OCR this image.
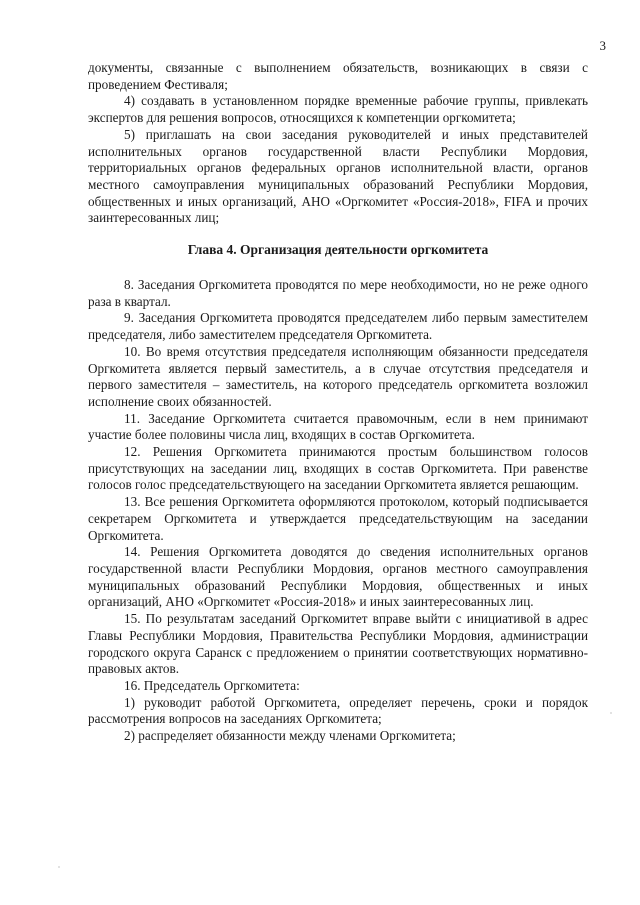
3

документы, связанные с выполнением обязательств, возникающих в связи с проведением Фестиваля;

4) создавать в установленном порядке временные рабочие группы, привлекать экспертов для решения вопросов, относящихся к компетенции оргкомитета;

5) приглашать на свои заседания руководителей и иных представителей исполнительных органов государственной власти Республики Мордовия, территориальных органов федеральных органов исполнительной власти, органов местного самоуправления муниципальных образований Республики Мордовия, общественных и иных организаций, АНО «Оргкомитет «Россия-2018», FIFA и прочих заинтересованных лиц;

Глава 4. Организация деятельности оргкомитета

8. Заседания Оргкомитета проводятся по мере необходимости, но не реже одного раза в квартал.

9. Заседания Оргкомитета проводятся председателем либо первым заместителем председателя, либо заместителем председателя Оргкомитета.

10. Во время отсутствия председателя исполняющим обязанности председателя Оргкомитета является первый заместитель, а в случае отсутствия председателя и первого заместителя – заместитель, на которого председатель оргкомитета возложил исполнение своих обязанностей.

11. Заседание Оргкомитета считается правомочным, если в нем принимают участие более половины числа лиц, входящих в состав Оргкомитета.

12. Решения Оргкомитета принимаются простым большинством голосов присутствующих на заседании лиц, входящих в состав Оргкомитета. При равенстве голосов голос председательствующего на заседании Оргкомитета является решающим.

13. Все решения Оргкомитета оформляются протоколом, который подписывается секретарем Оргкомитета и утверждается председательствующим на заседании Оргкомитета.

14. Решения Оргкомитета доводятся до сведения исполнительных органов государственной власти Республики Мордовия, органов местного самоуправления муниципальных образований Республики Мордовия, общественных и иных организаций, АНО «Оргкомитет «Россия-2018» и иных заинтересованных лиц.

15. По результатам заседаний Оргкомитет вправе выйти с инициативой в адрес Главы Республики Мордовия, Правительства Республики Мордовия, администрации городского округа Саранск с предложением о принятии соответствующих нормативно-правовых актов.

16. Председатель Оргкомитета:

1) руководит работой Оргкомитета, определяет перечень, сроки и порядок рассмотрения вопросов на заседаниях Оргкомитета;

2) распределяет обязанности между членами Оргкомитета;
